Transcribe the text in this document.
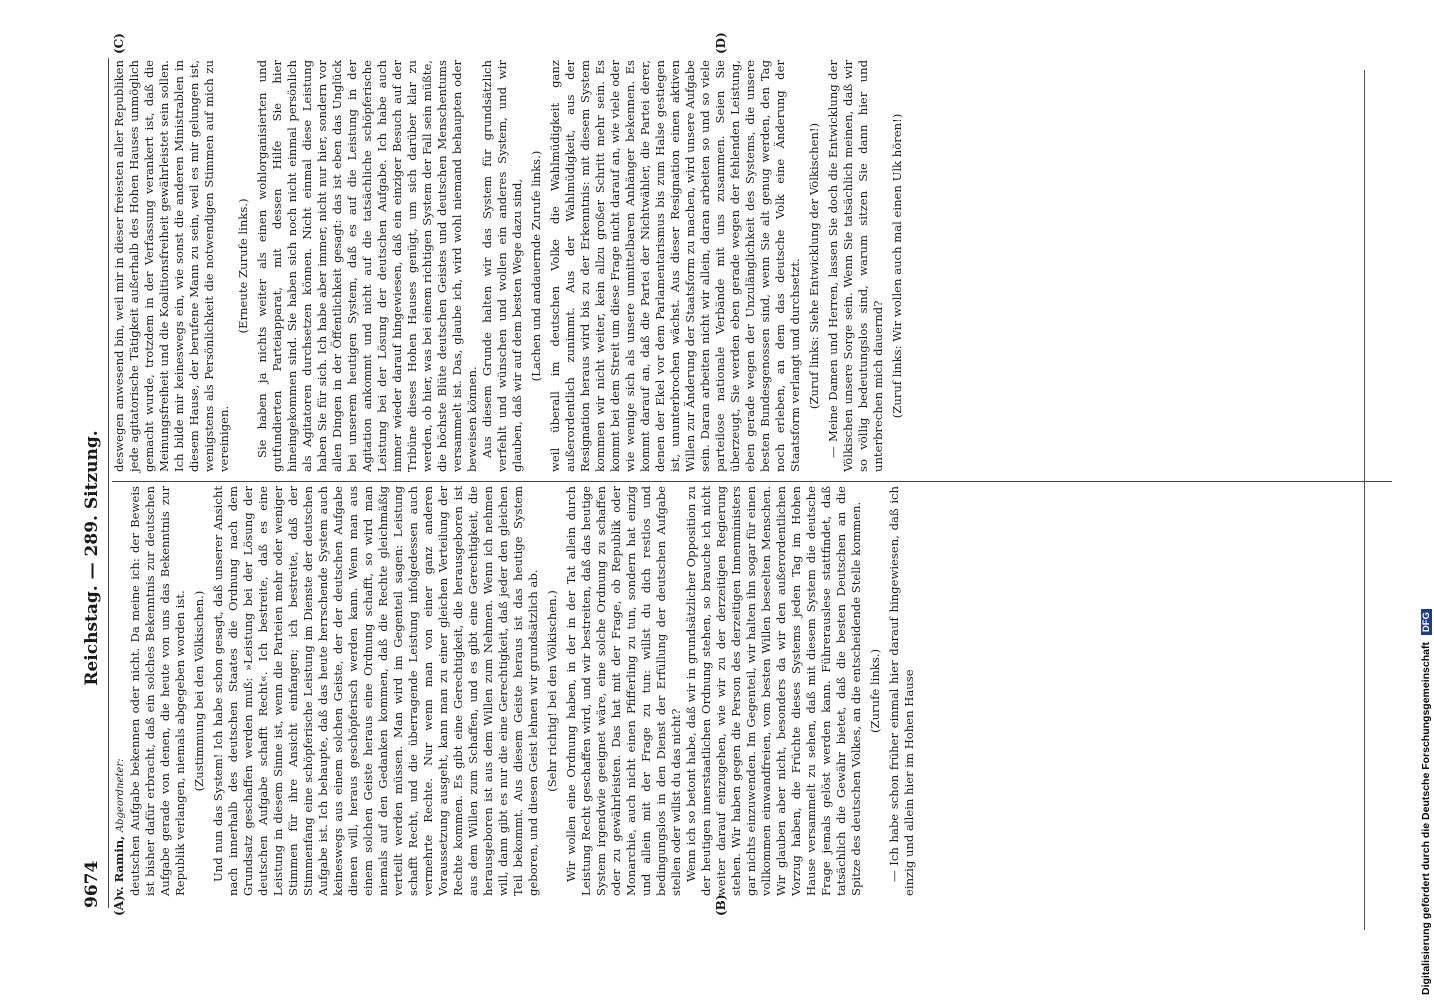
9674
Reichstag. — 289. Sitzung.
(A)	(B)
(C)	(D)

v. Ramin, Abgeordneter: deutschen Aufgabe bekennen oder nicht. Da meine ich: der Beweis ist bisher dafür erbracht, daß ein solches Bekenntnis zur deutschen Aufgabe gerade von denen, die heute von uns das Bekenntnis zur Republik verlangen, niemals abgegeben worden ist. (Zustimmung bei den Völkischen.) Und nun das System! Ich habe schon gesagt, daß unserer Ansicht nach innerhalb des deutschen Staates die Ordnung nach dem Grundsatz geschaffen werden muß: »Leistung bei der Lösung der deutschen Aufgabe schafft Recht«. Ich bestreite, daß es eine Leistung in diesem Sinne ist, wenn die Parteien mehr oder weniger Stimmen für ihre Ansicht einfangen; ich bestreite, daß der Stimmenfang eine schöpferische Leistung im Dienste der deutschen Aufgabe ist. Ich behaupte, daß das heute herrschende System auch keineswegs aus einem solchen Geiste, der der deutschen Aufgabe dienen will, heraus geschöpferisch werden kann. Wenn man aus einem solchen Geiste heraus eine Ordnung schafft, so wird man niemals auf den Gedanken kommen, daß die Rechte gleichmäßig verteilt werden müssen. Man wird im Gegenteil sagen: Leistung schafft Recht, und die überragende Leistung infolgedessen auch vermehrte Rechte. Nur wenn man von einer ganz anderen Voraussetzung ausgeht, kann man zu einer gleichen Verteilung der Rechte kommen. Es gibt eine Gerechtigkeit, die herausgeboren ist aus dem Willen zum Schaffen, und es gibt eine Gerechtigkeit, die herausgeboren ist aus dem Willen zum Nehmen. Wenn ich nehmen will, dann gibt es nur die eine Gerechtigkeit, daß jeder den gleichen Teil bekommt. Aus diesem Geiste heraus ist das heutige System geboren, und diesen Geist lehnen wir grundsätzlich ab. (Sehr richtig! bei den Völkischen.) Wir wollen eine Ordnung haben, in der in der Tat allein durch Leistung Recht geschaffen wird, und wir bestreiten, daß das heutige System irgendwie geeignet wäre, eine solche Ordnung zu schaffen oder zu gewährleisten. Das hat mit der Frage, ob Republik oder Monarchie, auch nicht einen Pfifferling zu tun, sondern hat einzig und allein mit der Frage zu tun: willst du dich restlos und bedingungslos in den Dienst der Erfüllung der deutschen Aufgabe stellen oder willst du das nicht? Wenn ich so betont habe, daß wir in grundsätzlicher Opposition zu der heutigen innerstaatlichen Ordnung stehen, so brauche ich nicht weiter darauf einzugehen, wie wir zu der derzeitigen Regierung stehen. Wir haben gegen die Person des derzeitigen Innenministers gar nichts einzuwenden. Im Gegenteil, wir halten ihn sogar für einen vollkommen einwandfreien, vom besten Willen beseelten Menschen. Wir glauben aber nicht, besonders da wir den außerordentlichen Vorzug haben, die Früchte dieses Systems jeden Tag im Hohen Hause versammelt zu sehen, daß mit diesem System die deutsche Frage jemals gelöst werden kann. Führerauslese stattfindet, daß tatsächlich die Gewähr bietet, daß die besten Deutschen an die Spitze des deutschen Volkes, an die entscheidende Stelle kommen. (Zurufe links.) — Ich habe schon früher einmal hier darauf hingewiesen, daß ich einzig und allein hier im Hohen Hause

deswegen anwesend bin, weil mir in dieser freiesten aller Republiken jede agitatorische Tätigkeit außerhalb des Hohen Hauses unmöglich gemacht wurde, trotzdem in der Verfassung verankert ist, daß die Meinungsfreiheit und die Koalitionsfreiheit gewährleistet sein sollen. Ich bilde mir keineswegs ein, wie sonst die anderen Ministrablen in diesem Hause, der berufene Mann zu sein, weil es mir gelungen ist, wenigstens als Persönlichkeit die notwendigen Stimmen auf mich zu vereinigen.

(Erneute Zurufe links.) Sie haben ja nichts weiter als einen wohlorganisierten und gutfundierten Parteiapparat, mit dessen Hilfe Sie hier hineingekommen sind. Sie haben sich noch nicht einmal persönlich als Agitatoren durchsetzen können. Nicht einmal diese Leistung haben Sie für sich. Ich habe aber immer, nicht nur hier, sondern vor allen Dingen in der Öffentlichkeit gesagt: das ist eben das Unglück bei unserem heutigen System, daß es auf die Leistung in der Agitation ankommt und nicht auf die tatsächliche schöpferische Leistung bei der Lösung der deutschen Aufgabe. Ich habe auch immer wieder darauf hingewiesen, daß ein einziger Besuch auf der Tribüne dieses Hohen Hauses genügt, um sich darüber klar zu werden, ob hier, was bei einem richtigen System der Fall sein müßte, die höchste Blüte deutschen Geistes und deutschen Menschentums versammelt ist. Das, glaube ich, wird wohl niemand behaupten oder beweisen können. Aus diesem Grunde halten wir das System für grundsätzlich verfehlt und wünschen und wollen ein anderes System, und wir glauben, daß wir auf dem besten Wege dazu sind, (Lachen und andauernde Zurufe links.) weil überall im deutschen Volke die Wahlmüdigkeit ganz außerordentlich zunimmt. Aus der Wahlmüdigkeit, aus der Resignation heraus wird bis zu der Erkenntnis: mit diesem System kommen wir nicht weiter, kein allzu großer Schritt mehr sein. Es kommt bei dem Streit um diese Frage nicht darauf an, wie viele oder wie wenige sich als unsere unmittelbaren Anhänger bekennen. Es kommt darauf an, daß die Partei der Nichtwähler, die Partei derer, denen der Ekel vor dem Parlamentarismus bis zum Halse gestiegen ist, ununterbrochen wächst. Aus dieser Resignation einen aktiven Willen zur Änderung der Staatsform zu machen, wird unsere Aufgabe sein. Daran arbeiten nicht wir allein, daran arbeiten so und so viele parteilose nationale Verbände mit uns zusammen. Seien Sie überzeugt, Sie werden eben gerade wegen der fehlenden Leistung, eben gerade wegen der Unzulänglichkeit des Systems, die unsere besten Bundesgenossen sind, wenn Sie alt genug werden, den Tag noch erleben, an dem das deutsche Volk eine Änderung der Staatsform verlangt und durchsetzt. (Zuruf links: Siehe Entwicklung der Völkischen!) — Meine Damen und Herren, lassen Sie doch die Entwicklung der Völkischen unsere Sorge sein. Wenn Sie tatsächlich meinen, daß wir so völlig bedeutungslos sind, warum sitzen Sie dann hier und unterbrechen mich dauernd? (Zuruf links: Wir wollen auch mal einen Ulk hören!)

Digitalisierung gefördert durch die Deutsche Forschungsgemeinschaft DFG
